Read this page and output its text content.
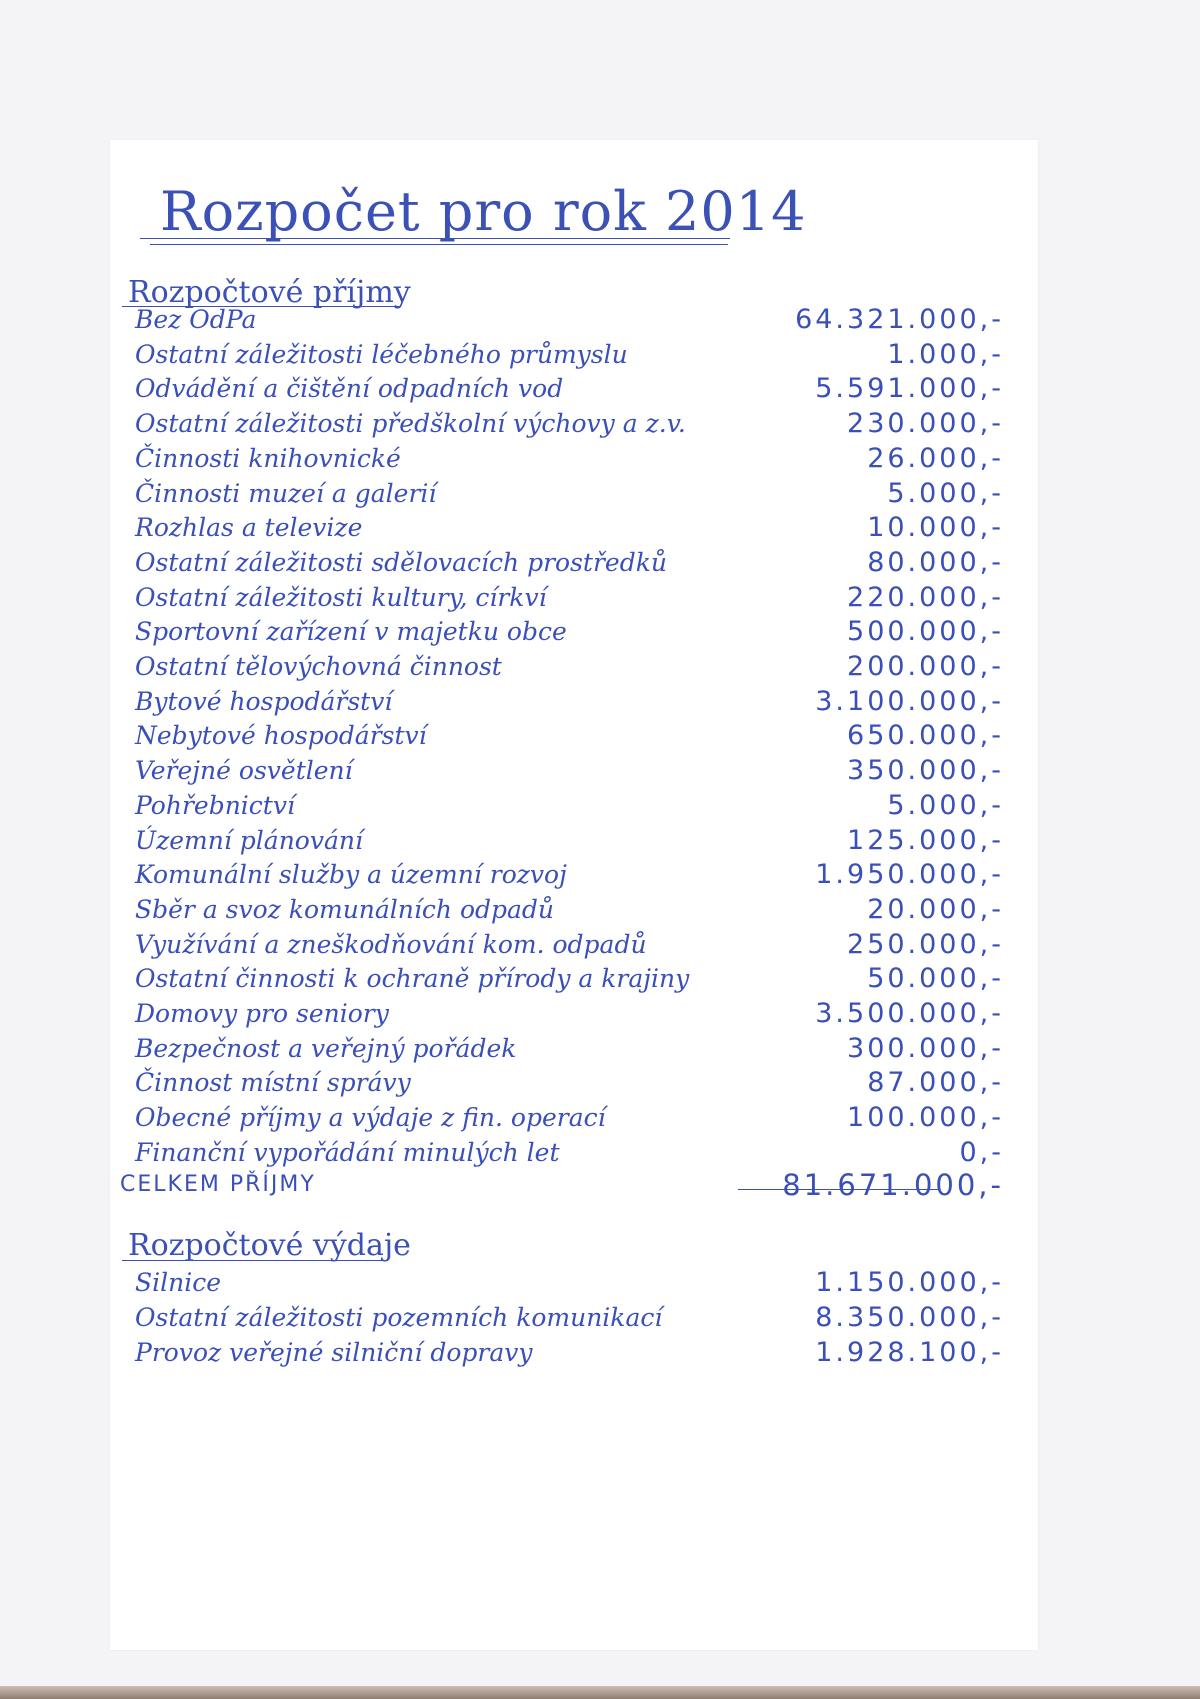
Rozpočet pro rok 2014
Rozpočtové příjmy
Bez OdPa	64.321.000,-
Ostatní záležitosti léčebného průmyslu	1.000,-
Odvádění a čištění odpadních vod	5.591.000,-
Ostatní záležitosti předškolní výchovy a z.v.	230.000,-
Činnosti knihovnické	26.000,-
Činnosti muzeí a galerií	5.000,-
Rozhlas a televize	10.000,-
Ostatní záležitosti sdělovacích prostředků	80.000,-
Ostatní záležitosti kultury, církví	220.000,-
Sportovní zařízení v majetku obce	500.000,-
Ostatní tělovýchovná činnost	200.000,-
Bytové hospodářství	3.100.000,-
Nebytové hospodářství	650.000,-
Veřejné osvětlení	350.000,-
Pohřebnictví	5.000,-
Územní plánování	125.000,-
Komunální služby a územní rozvoj	1.950.000,-
Sběr a svoz komunálních odpadů	20.000,-
Využívání a zneškodňování kom. odpadů	250.000,-
Ostatní činnosti k ochraně přírody a krajiny	50.000,-
Domovy pro seniory	3.500.000,-
Bezpečnost a veřejný pořádek	300.000,-
Činnost místní správy	87.000,-
Obecné příjmy a výdaje z fin. operací	100.000,-
Finanční vypořádání minulých let	0,-
CELKEM PŘÍJMY	81.671.000,-
Rozpočtové výdaje
Silnice	1.150.000,-
Ostatní záležitosti pozemních komunikací	8.350.000,-
Provoz veřejné silniční dopravy	1.928.100,-
